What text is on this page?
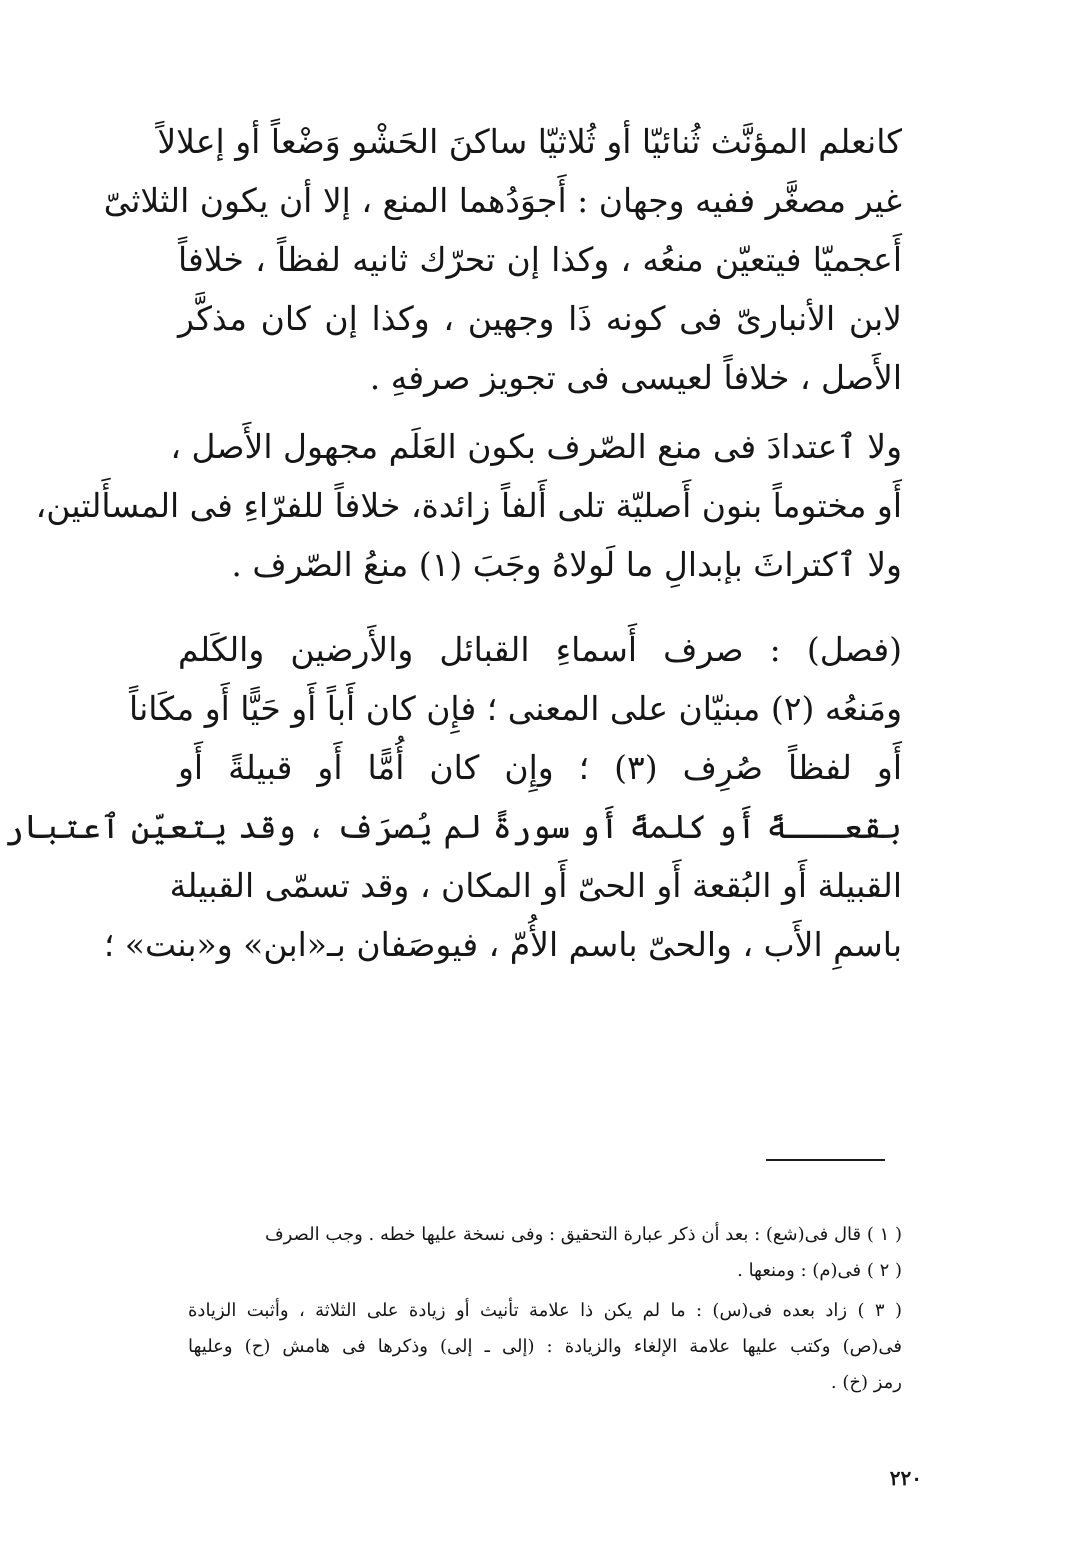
كانعلم المؤنَّث ثُنائيّا أو ثُلاثيّا ساكنَ الحَشْو وَضْعاً أو إعلالاً
غير مصغَّر ففيه وجهان : أَجوَدُهما المنع ، إلا أن يكون الثلاثىّ
أَعجميّا فيتعيّن منعُه ، وكذا إن تحرّك ثانيه لفظاً ، خلافاً
لابن الأنبارىّ فى كونه ذَا وجهين ، وكذا إن كان مذكَّر
الأَصل ، خلافاً لعيسى فى تجويز صرفهِ .
ولا ٱعتدادَ فى منع الصّرف بكون العَلَم مجهول الأَصل ،
أَو مختوماً بنون أَصليّة تلى أَلفاً زائدة، خلافاً للفرّاءِ فى المسأَلتين،
ولا ٱكتراثَ بإبدالِ ما لَولاهُ وجَبَ (١) منعُ الصّرف .
(فصل) : صرف أَسماءِ القبائل والأَرضين والكَلم
ومَنعُه (٢) مبنيّان على المعنى ؛ فإِن كان أَباً أَو حَيًّا أَو مكَاناً
أَو لفظاً صُرِف (٣) ؛ وإِن كان أُمًّا أَو قبيلةً أَو
بقعـــةً أَو كلمةً أَو سورةً لم يُصرَف ، وقد يتعيّن ٱعتبار
القبيلة أَو البُقعة أَو الحىّ أَو المكان ، وقد تسمّى القبيلة
باسمِ الأَب ، والحىّ باسم الأُمّ ، فيوصَفان بـ«ابن» و«بنت» ؛
( ١ ) قال فى(شع) : بعد أن ذكر عبارة التحقيق : وفى نسخة عليها خطه . وجب الصرف
( ٢ ) فى(م) : ومنعها .
( ٣ ) زاد بعده فى(س) : ما لم يكن ذا علامة تأنيث أو زيادة على الثلاثة ، وأثبت الزيادة
فى(ص) وكتب عليها علامة الإلغاء والزيادة : (إلى ـ إلى) وذكرها فى هامش (ح) وعليها
رمز (خ) .
٢٢٠
